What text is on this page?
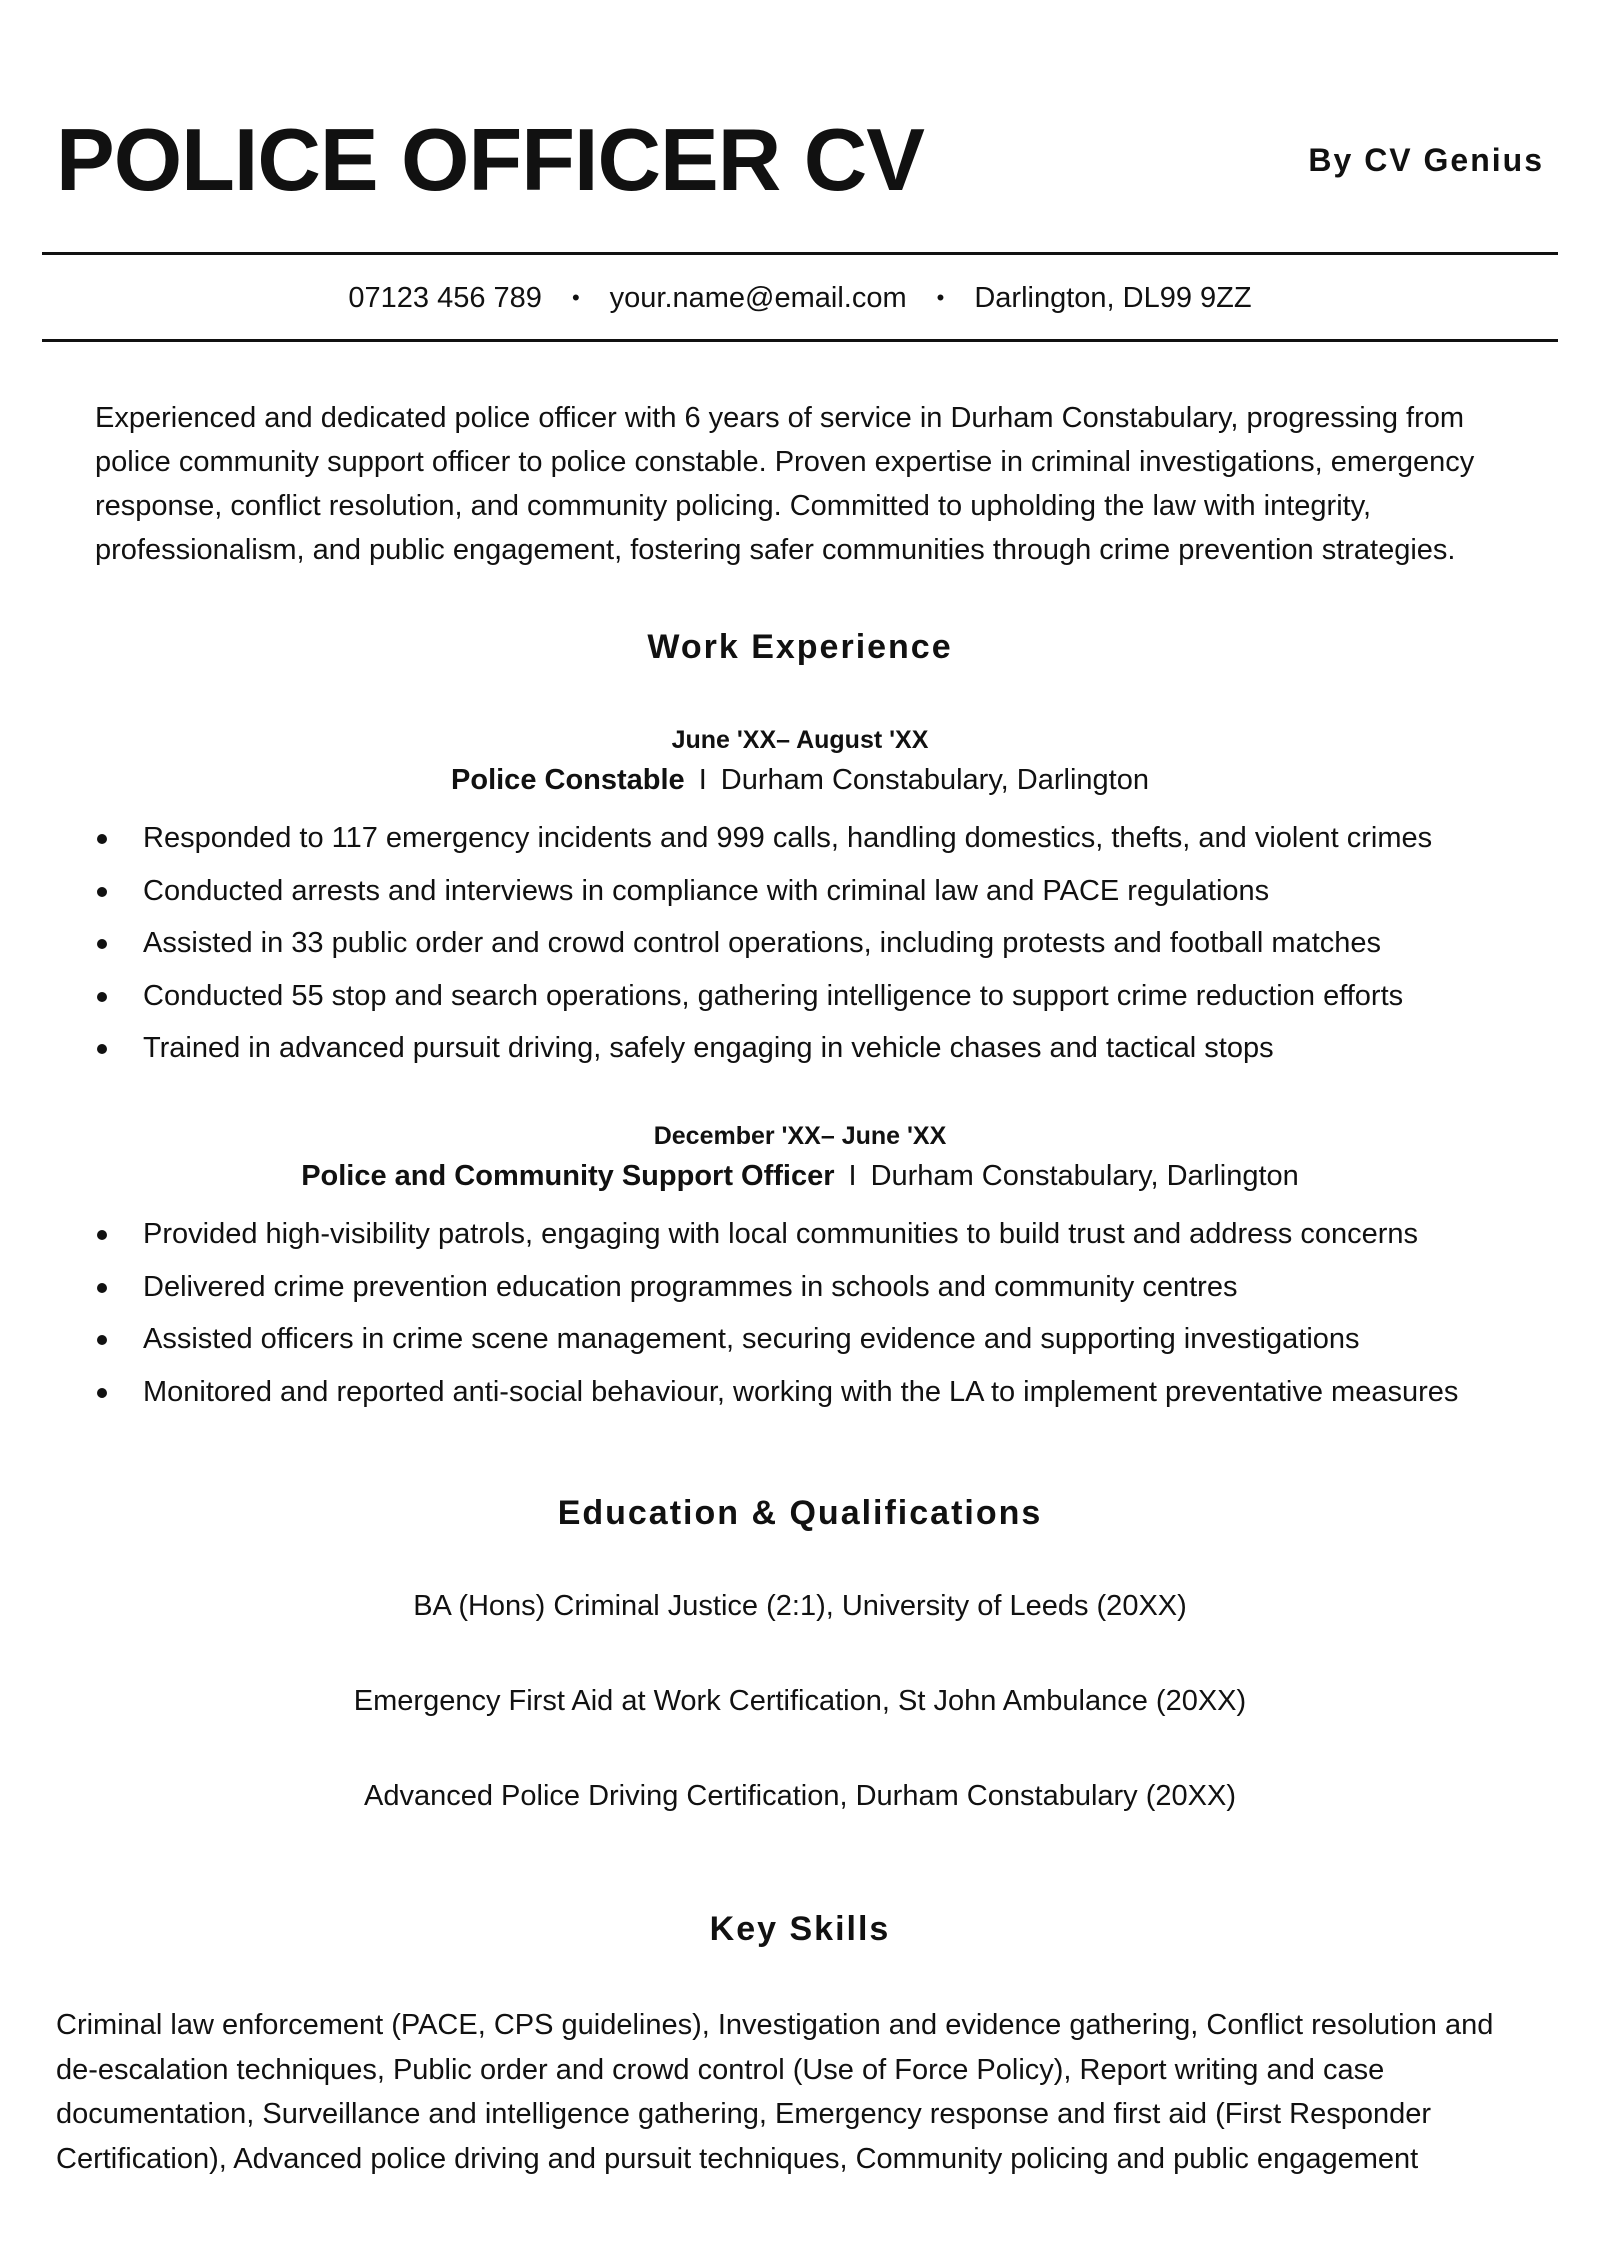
POLICE OFFICER CV	By CV Genius
07123 456 789 • your.name@email.com • Darlington, DL99 9ZZ

Experienced and dedicated police officer with 6 years of service in Durham Constabulary, progressing from police community support officer to police constable. Proven expertise in criminal investigations, emergency response, conflict resolution, and community policing. Committed to upholding the law with integrity, professionalism, and public engagement, fostering safer communities through crime prevention strategies.

Work Experience
June 'XX– August 'XX
Police Constable I Durham Constabulary, Darlington
Responded to 117 emergency incidents and 999 calls, handling domestics, thefts, and violent crimes
Conducted arrests and interviews in compliance with criminal law and PACE regulations
Assisted in 33 public order and crowd control operations, including protests and football matches
Conducted 55 stop and search operations, gathering intelligence to support crime reduction efforts
Trained in advanced pursuit driving, safely engaging in vehicle chases and tactical stops
December 'XX– June 'XX
Police and Community Support Officer I Durham Constabulary, Darlington
Provided high-visibility patrols, engaging with local communities to build trust and address concerns
Delivered crime prevention education programmes in schools and community centres
Assisted officers in crime scene management, securing evidence and supporting investigations
Monitored and reported anti-social behaviour, working with the LA to implement preventative measures
Education & Qualifications
BA (Hons) Criminal Justice (2:1), University of Leeds (20XX)
Emergency First Aid at Work Certification, St John Ambulance (20XX)
Advanced Police Driving Certification, Durham Constabulary (20XX)
Key Skills

Criminal law enforcement (PACE, CPS guidelines), Investigation and evidence gathering, Conflict resolution and de-escalation techniques, Public order and crowd control (Use of Force Policy), Report writing and case documentation, Surveillance and intelligence gathering, Emergency response and first aid (First Responder Certification), Advanced police driving and pursuit techniques, Community policing and public engagement
